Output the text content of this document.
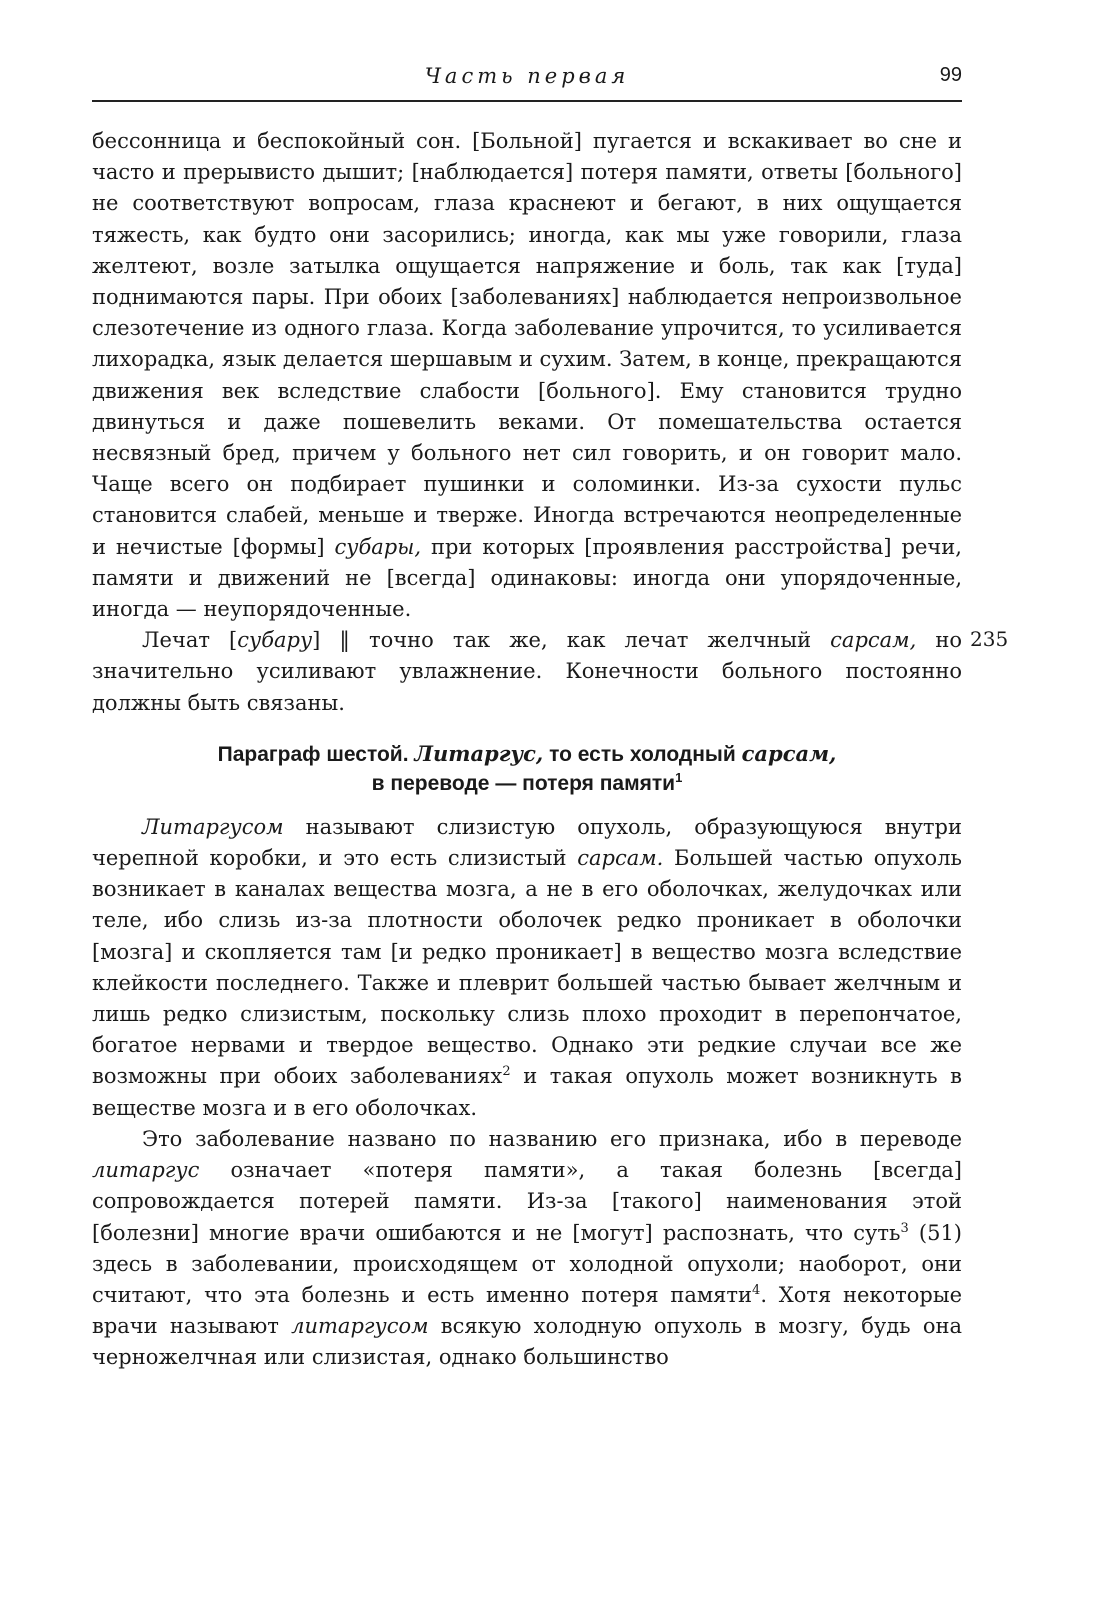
Часть первая	99

бессонница и беспокойный сон. [Больной] пугается и вскакивает во сне и часто и прерывисто дышит; [наблюдается] потеря памяти, ответы [больного] не соответствуют вопросам, глаза краснеют и бегают, в них ощущается тяжесть, как будто они засорились; иногда, как мы уже говорили, глаза желтеют, возле затылка ощущается напряжение и боль, так как [туда] поднимаются пары. При обоих [заболеваниях] наблюдается непроизвольное слезотечение из одного глаза. Когда заболевание упрочится, то усиливается лихорадка, язык делается шершавым и сухим. Затем, в конце, прекращаются движения век вследствие слабости [больного]. Ему становится трудно двинуться и даже пошевелить веками. От помешательства остается несвязный бред, причем у больного нет сил говорить, и он говорит мало. Чаще всего он подбирает пушинки и соломинки. Из-за сухости пульс становится слабей, меньше и тверже. Иногда встречаются неопределенные и нечистые [формы] субары, при которых [проявления расстройства] речи, памяти и движений не [всегда] одинаковы: иногда они упорядоченные, иногда — неупорядоченные.

235

Лечат [субару] ‖ точно так же, как лечат желчный сарсам, но значительно усиливают увлажнение. Конечности больного постоянно должны быть связаны.

Параграф шестой. Литаргус, то есть холодный сарсам,
в переводе — потеря памяти$^1$

Литаргусом называют слизистую опухоль, образующуюся внутри черепной коробки, и это есть слизистый сарсам. Большей частью опухоль возникает в каналах вещества мозга, а не в его оболочках, желудочках или теле, ибо слизь из-за плотности оболочек редко проникает в оболочки [мозга] и скопляется там [и редко проникает] в вещество мозга вследствие клейкости последнего. Также и плеврит большей частью бывает желчным и лишь редко слизистым, поскольку слизь плохо проходит в перепончатое, богатое нервами и твердое вещество. Однако эти редкие случаи все же возможны при обоих заболеваниях$^2$ и такая опухоль может возникнуть в веществе мозга и в его оболочках.

Это заболевание названо по названию его признака, ибо в переводе литаргус означает «потеря памяти», а такая болезнь [всегда] сопровождается потерей памяти. Из-за [такого] наименования этой [болезни] многие врачи ошибаются и не [могут] распознать, что суть$^3$ (51) здесь в заболевании, происходящем от холодной опухоли; наоборот, они считают, что эта болезнь и есть именно потеря памяти$^4$. Хотя некоторые врачи называют литаргусом всякую холодную опухоль в мозгу, будь она черножелчная или слизистая, однако большинство
